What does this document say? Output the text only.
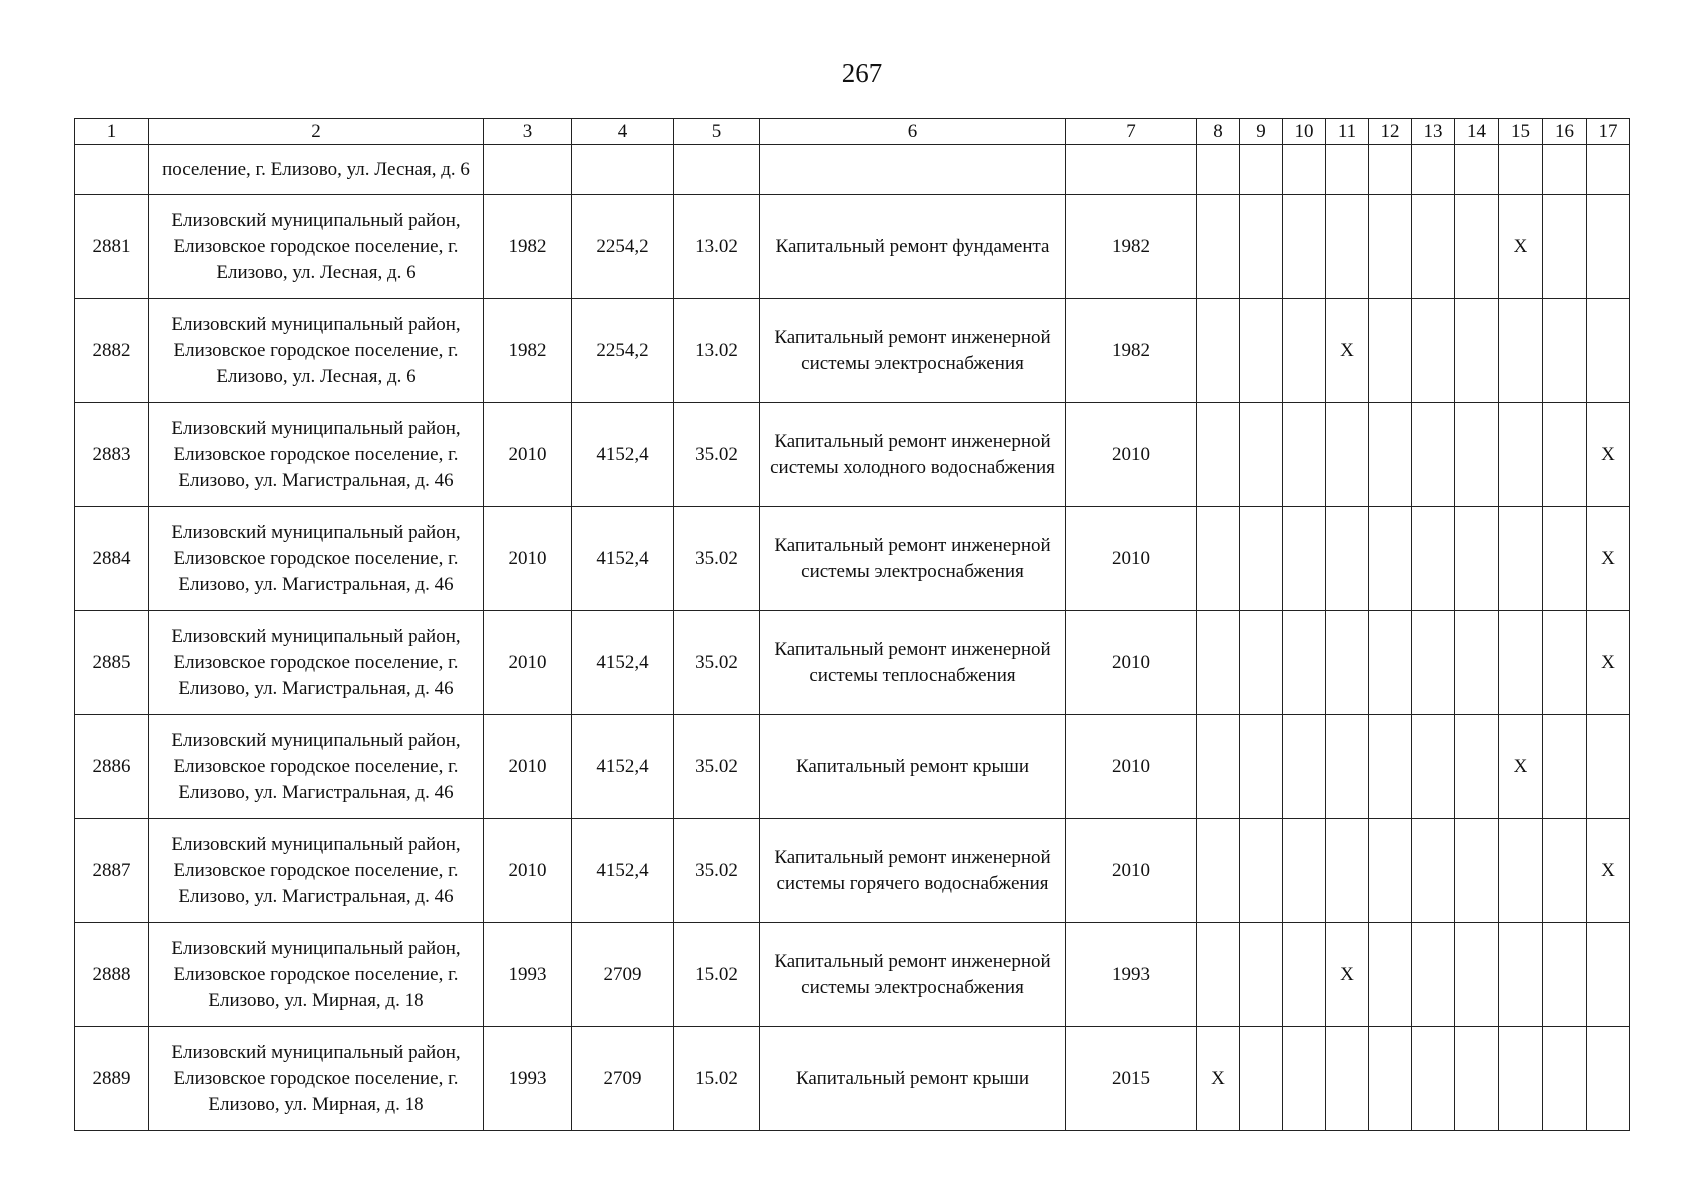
267
1	2	3	4	5	6	7	8	9	10	11	12	13	14	15	16	17
	поселение, г. Елизово, ул. Лесная, д. 6															
2881	Елизовский муниципальный район, Елизовское городское поселение, г. Елизово, ул. Лесная, д. 6	1982	2254,2	13.02	Капитальный ремонт фундамента	1982								X		
2882	Елизовский муниципальный район, Елизовское городское поселение, г. Елизово, ул. Лесная, д. 6	1982	2254,2	13.02	Капитальный ремонт инженерной системы электроснабжения	1982				X						
2883	Елизовский муниципальный район, Елизовское городское поселение, г. Елизово, ул. Магистральная, д. 46	2010	4152,4	35.02	Капитальный ремонт инженерной системы холодного водоснабжения	2010										X
2884	Елизовский муниципальный район, Елизовское городское поселение, г. Елизово, ул. Магистральная, д. 46	2010	4152,4	35.02	Капитальный ремонт инженерной системы электроснабжения	2010										X
2885	Елизовский муниципальный район, Елизовское городское поселение, г. Елизово, ул. Магистральная, д. 46	2010	4152,4	35.02	Капитальный ремонт инженерной системы теплоснабжения	2010										X
2886	Елизовский муниципальный район, Елизовское городское поселение, г. Елизово, ул. Магистральная, д. 46	2010	4152,4	35.02	Капитальный ремонт крыши	2010								X		
2887	Елизовский муниципальный район, Елизовское городское поселение, г. Елизово, ул. Магистральная, д. 46	2010	4152,4	35.02	Капитальный ремонт инженерной системы горячего водоснабжения	2010										X
2888	Елизовский муниципальный район, Елизовское городское поселение, г. Елизово, ул. Мирная, д. 18	1993	2709	15.02	Капитальный ремонт инженерной системы электроснабжения	1993				X						
2889	Елизовский муниципальный район, Елизовское городское поселение, г. Елизово, ул. Мирная, д. 18	1993	2709	15.02	Капитальный ремонт крыши	2015	X									
